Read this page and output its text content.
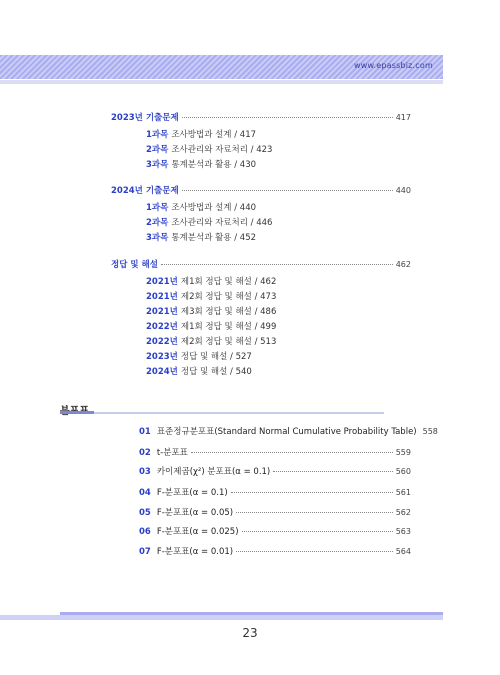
www.epassbiz.com
2023년 기출문제	417
1과목 조사방법과 설계 / 417
2과목 조사관리와 자료처리 / 423
3과목 통계분석과 활용 / 430
2024년 기출문제	440
1과목 조사방법과 설계 / 440
2과목 조사관리와 자료처리 / 446
3과목 통계분석과 활용 / 452
정답 및 해설	462
2021년 제1회 정답 및 해설 / 462
2021년 제2회 정답 및 해설 / 473
2021년 제3회 정답 및 해설 / 486
2022년 제1회 정답 및 해설 / 499
2022년 제2회 정답 및 해설 / 513
2023년 정답 및 해설 / 527
2024년 정답 및 해설 / 540
01 표준정규분포표(Standard Normal Cumulative Probability Table) 558
02 t-분포표	559
03 카이제곱(χ²) 분포표(α = 0.1)	560
04 F-분포표(α = 0.1)	561
05 F-분포표(α = 0.05)	562
06 F-분포표(α = 0.025)	563
07 F-분포표(α = 0.01)	564
23
